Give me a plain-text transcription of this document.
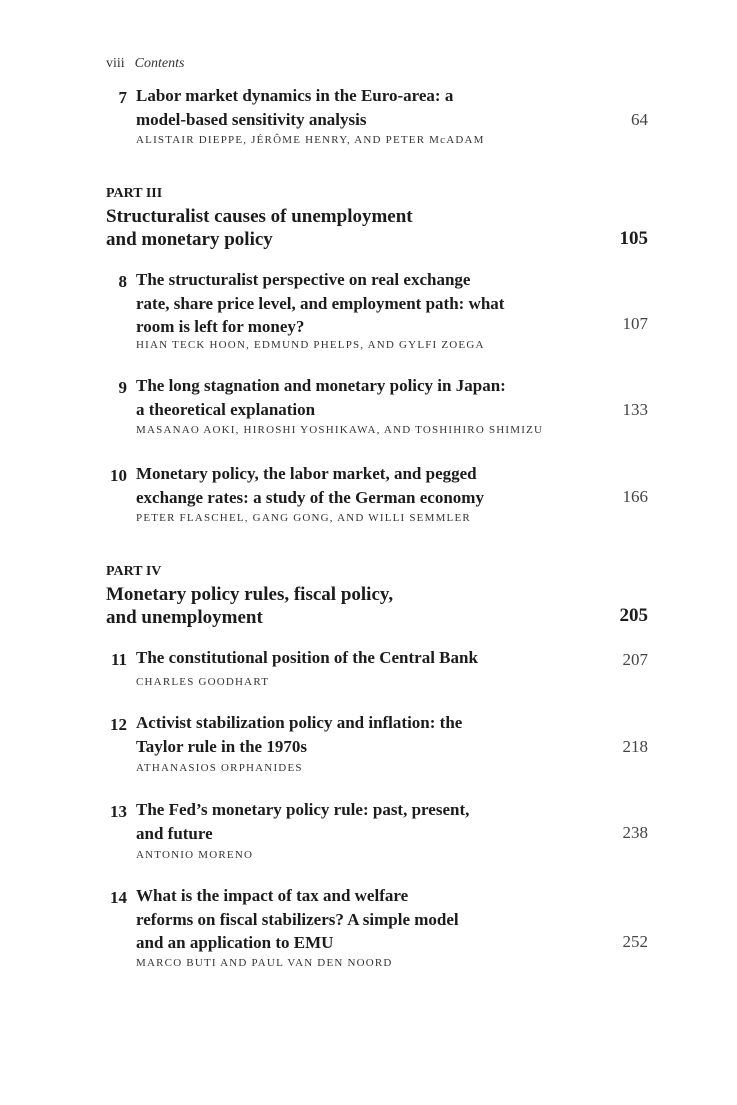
viii Contents
7 Labor market dynamics in the Euro-area: a
model-based sensitivity analysis	64
ALISTAIR DIEPPE, JÉRÔME HENRY, AND PETER McADAM
PART III
Structuralist causes of unemployment
and monetary policy	105
8 The structuralist perspective on real exchange
rate, share price level, and employment path: what
room is left for money?	107
HIAN TECK HOON, EDMUND PHELPS, AND GYLFI ZOEGA
9 The long stagnation and monetary policy in Japan:
a theoretical explanation	133
MASANAO AOKI, HIROSHI YOSHIKAWA, AND TOSHIHIRO SHIMIZU
10 Monetary policy, the labor market, and pegged
exchange rates: a study of the German economy	166
PETER FLASCHEL, GANG GONG, AND WILLI SEMMLER
PART IV
Monetary policy rules, fiscal policy,
and unemployment	205
11 The constitutional position of the Central Bank	207
CHARLES GOODHART
12 Activist stabilization policy and inflation: the
Taylor rule in the 1970s	218
ATHANASIOS ORPHANIDES
13 The Fed’s monetary policy rule: past, present,
and future	238
ANTONIO MORENO
14 What is the impact of tax and welfare
reforms on fiscal stabilizers? A simple model
and an application to EMU	252
MARCO BUTI AND PAUL VAN DEN NOORD
